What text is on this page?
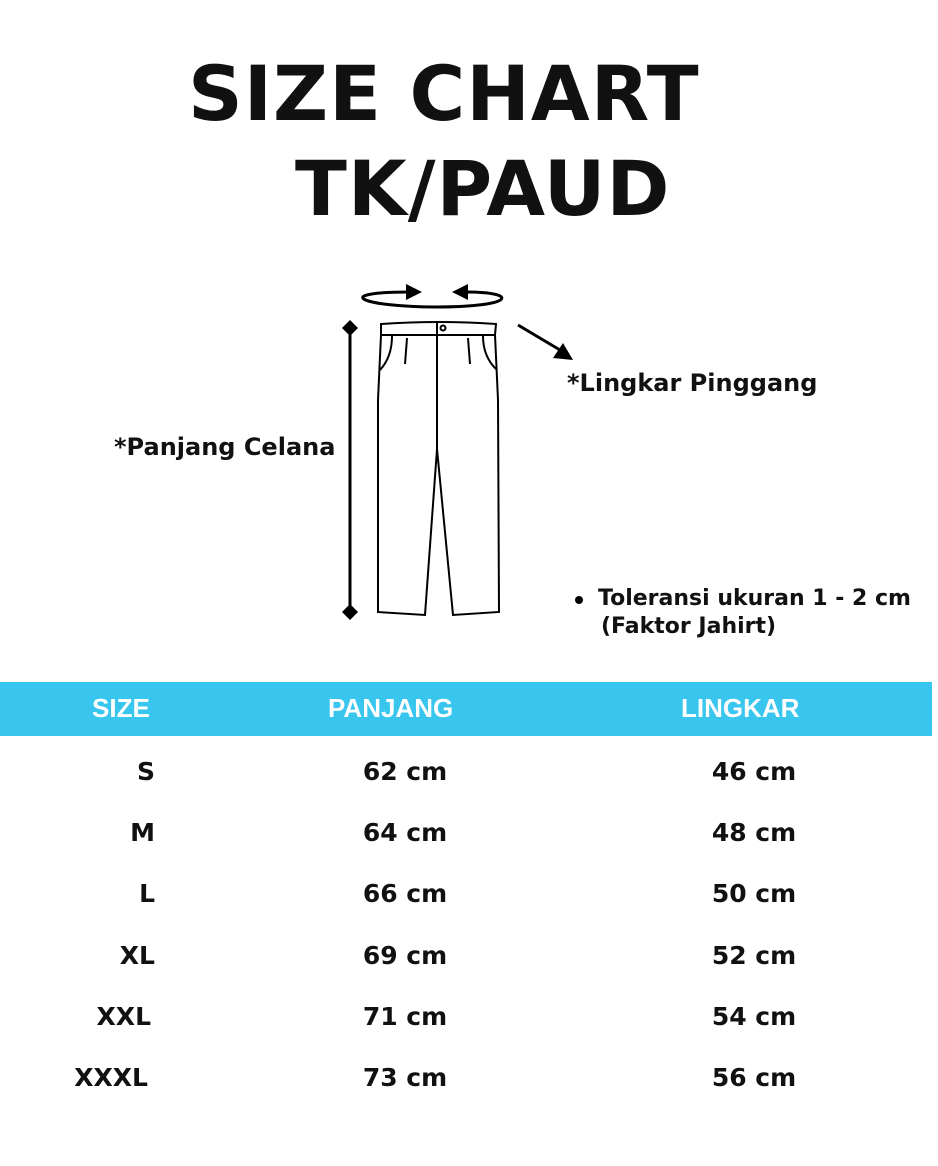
SIZE CHART
TK/PAUD
*Panjang Celana
*Lingkar Pinggang
Toleransi ukuran 1 - 2 cm
(Faktor Jahirt)
SIZE	PANJANG	LINGKAR
S	62 cm	46 cm
M	64 cm	48 cm
L	66 cm	50 cm
XL	69 cm	52 cm
XXL	71 cm	54 cm
XXXL	73 cm	56 cm
